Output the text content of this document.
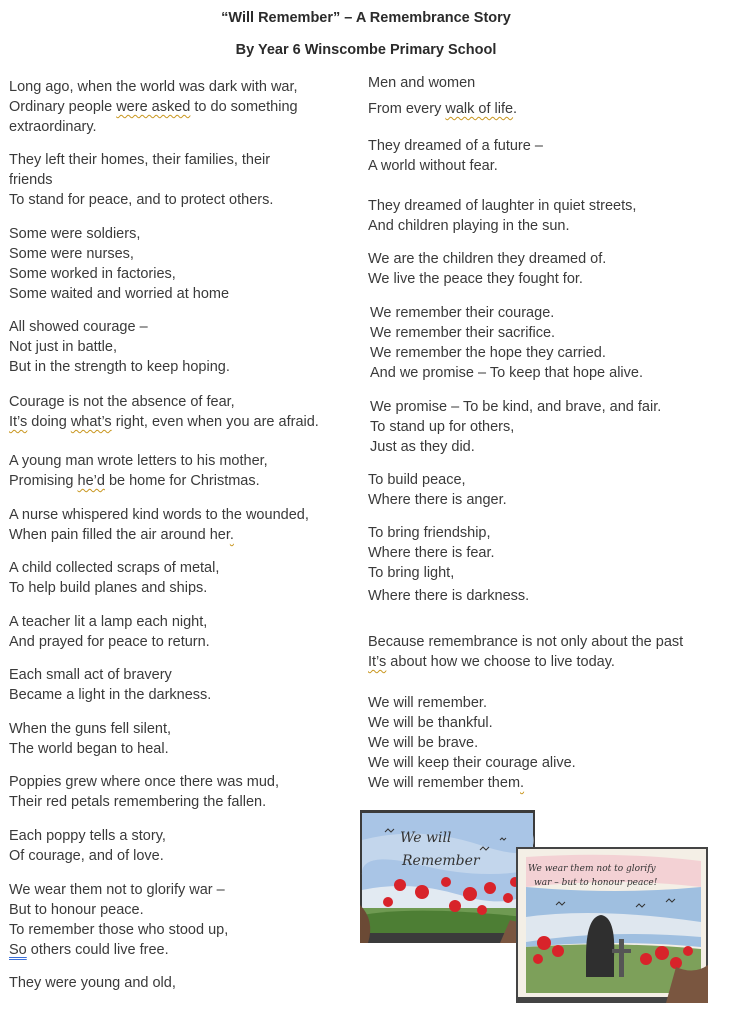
“Will Remember” – A Remembrance Story
By Year 6 Winscombe Primary School
Long ago, when the world was dark with war,
Ordinary people were asked to do something
extraordinary.
They left their homes, their families, their
friends
To stand for peace, and to protect others.
Some were soldiers,
Some were nurses,
Some worked in factories,
Some waited and worried at home
All showed courage –
Not just in battle,
But in the strength to keep hoping.
Courage is not the absence of fear,
It’s doing what’s right, even when you are afraid.
A young man wrote letters to his mother,
Promising he’d be home for Christmas.
A nurse whispered kind words to the wounded,
When pain filled the air around her.
A child collected scraps of metal,
To help build planes and ships.
A teacher lit a lamp each night,
And prayed for peace to return.
Each small act of bravery
Became a light in the darkness.
When the guns fell silent,
The world began to heal.
Poppies grew where once there was mud,
Their red petals remembering the fallen.
Each poppy tells a story,
Of courage, and of love.
We wear them not to glorify war –
But to honour peace.
To remember those who stood up,
So others could live free.
They were young and old,
Men and women
From every walk of life.
They dreamed of a future –
A world without fear.
They dreamed of laughter in quiet streets,
And children playing in the sun.
We are the children they dreamed of.
We live the peace they fought for.
We remember their courage.
We remember their sacrifice.
We remember the hope they carried.
And we promise – To keep that hope alive.
We promise – To be kind, and brave, and fair.
To stand up for others,
Just as they did.
To build peace,
Where there is anger.
To bring friendship,
Where there is fear.
To bring light,
Where there is darkness.
Because remembrance is not only about the past
It’s about how we choose to live today.
We will remember.
We will be thankful.
We will be brave.
We will keep their courage alive.
We will remember them.
We will
Remember	We wear them not to glorify
war – but to honour peace!
